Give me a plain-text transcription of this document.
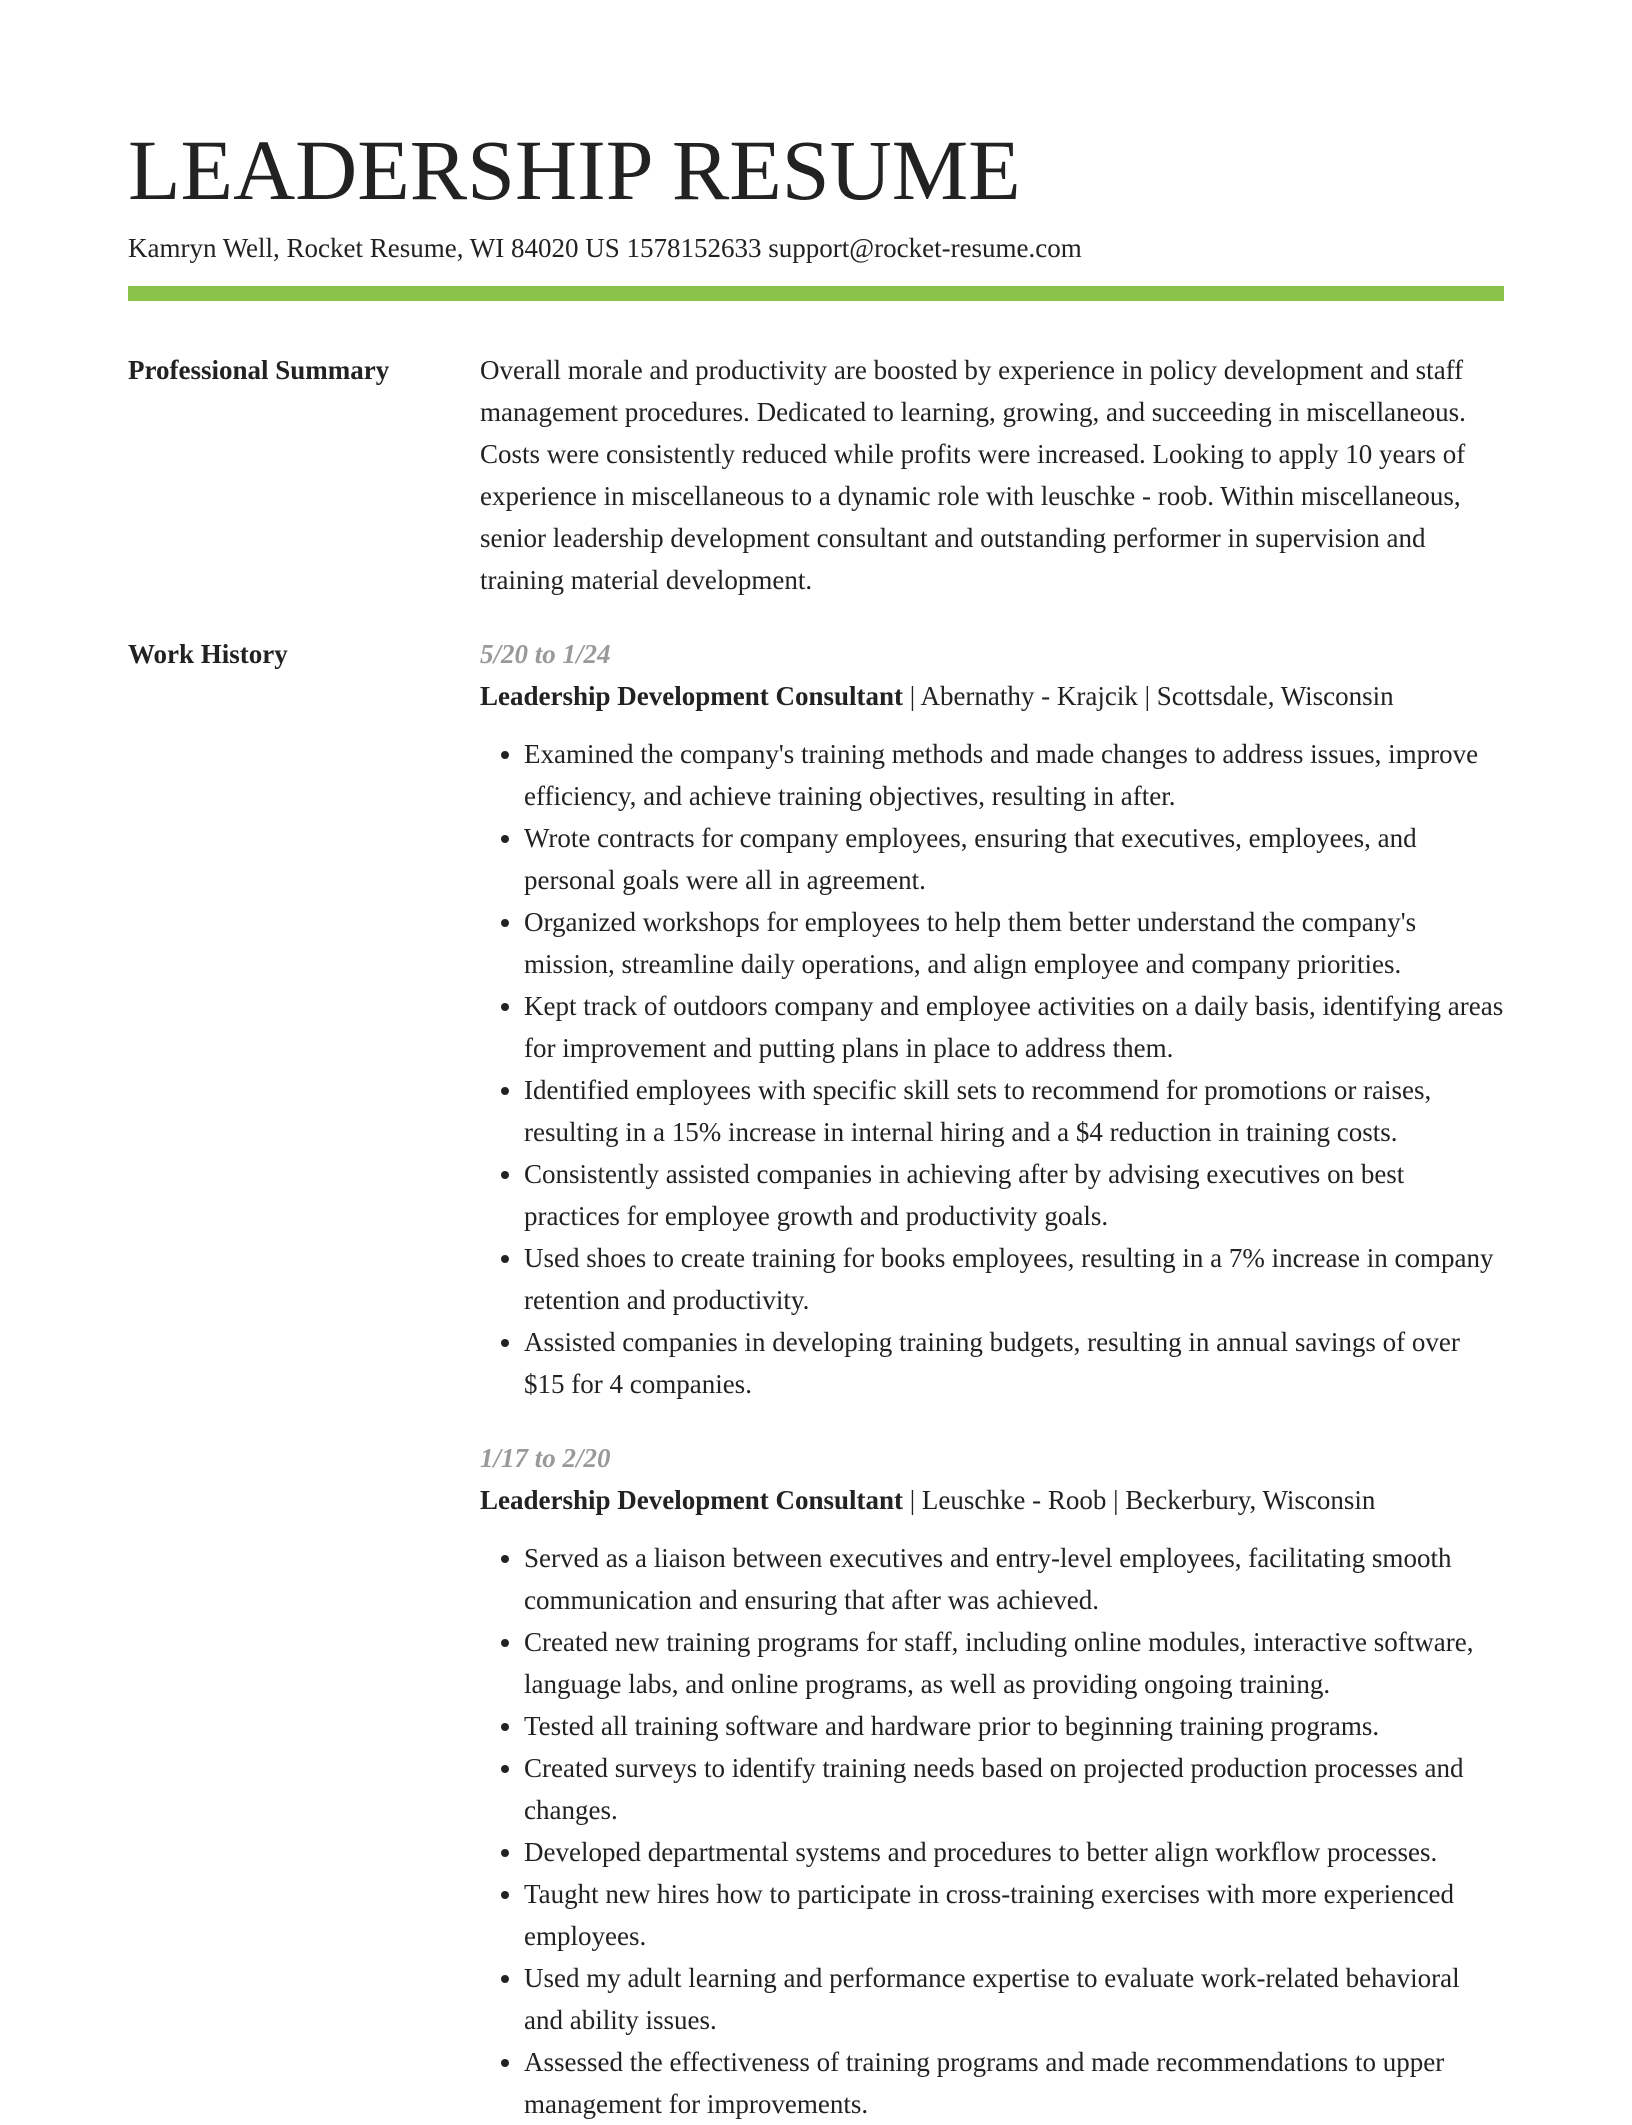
LEADERSHIP RESUME
Kamryn Well, Rocket Resume, WI 84020 US 1578152633 support@rocket-resume.com
Professional Summary	Overall morale and productivity are boosted by experience in policy development and staff management procedures. Dedicated to learning, growing, and succeeding in miscellaneous. Costs were consistently reduced while profits were increased. Looking to apply 10 years of experience in miscellaneous to a dynamic role with leuschke - roob. Within miscellaneous, senior leadership development consultant and outstanding performer in supervision and training material development.

Work History	5/20 to 1/24
Leadership Development Consultant | Abernathy - Krajcik | Scottsdale, Wisconsin
• Examined the company's training methods and made changes to address issues, improve efficiency, and achieve training objectives, resulting in after.
• Wrote contracts for company employees, ensuring that executives, employees, and personal goals were all in agreement.
• Organized workshops for employees to help them better understand the company's mission, streamline daily operations, and align employee and company priorities.
• Kept track of outdoors company and employee activities on a daily basis, identifying areas for improvement and putting plans in place to address them.
• Identified employees with specific skill sets to recommend for promotions or raises, resulting in a 15% increase in internal hiring and a $4 reduction in training costs.
• Consistently assisted companies in achieving after by advising executives on best practices for employee growth and productivity goals.
• Used shoes to create training for books employees, resulting in a 7% increase in company retention and productivity.
• Assisted companies in developing training budgets, resulting in annual savings of over $15 for 4 companies.
1/17 to 2/20
Leadership Development Consultant | Leuschke - Roob | Beckerbury, Wisconsin
• Served as a liaison between executives and entry-level employees, facilitating smooth communication and ensuring that after was achieved.
• Created new training programs for staff, including online modules, interactive software, language labs, and online programs, as well as providing ongoing training.
• Tested all training software and hardware prior to beginning training programs.
• Created surveys to identify training needs based on projected production processes and changes.
• Developed departmental systems and procedures to better align workflow processes.
• Taught new hires how to participate in cross-training exercises with more experienced employees.
• Used my adult learning and performance expertise to evaluate work-related behavioral and ability issues.
• Assessed the effectiveness of training programs and made recommendations to upper management for improvements.
